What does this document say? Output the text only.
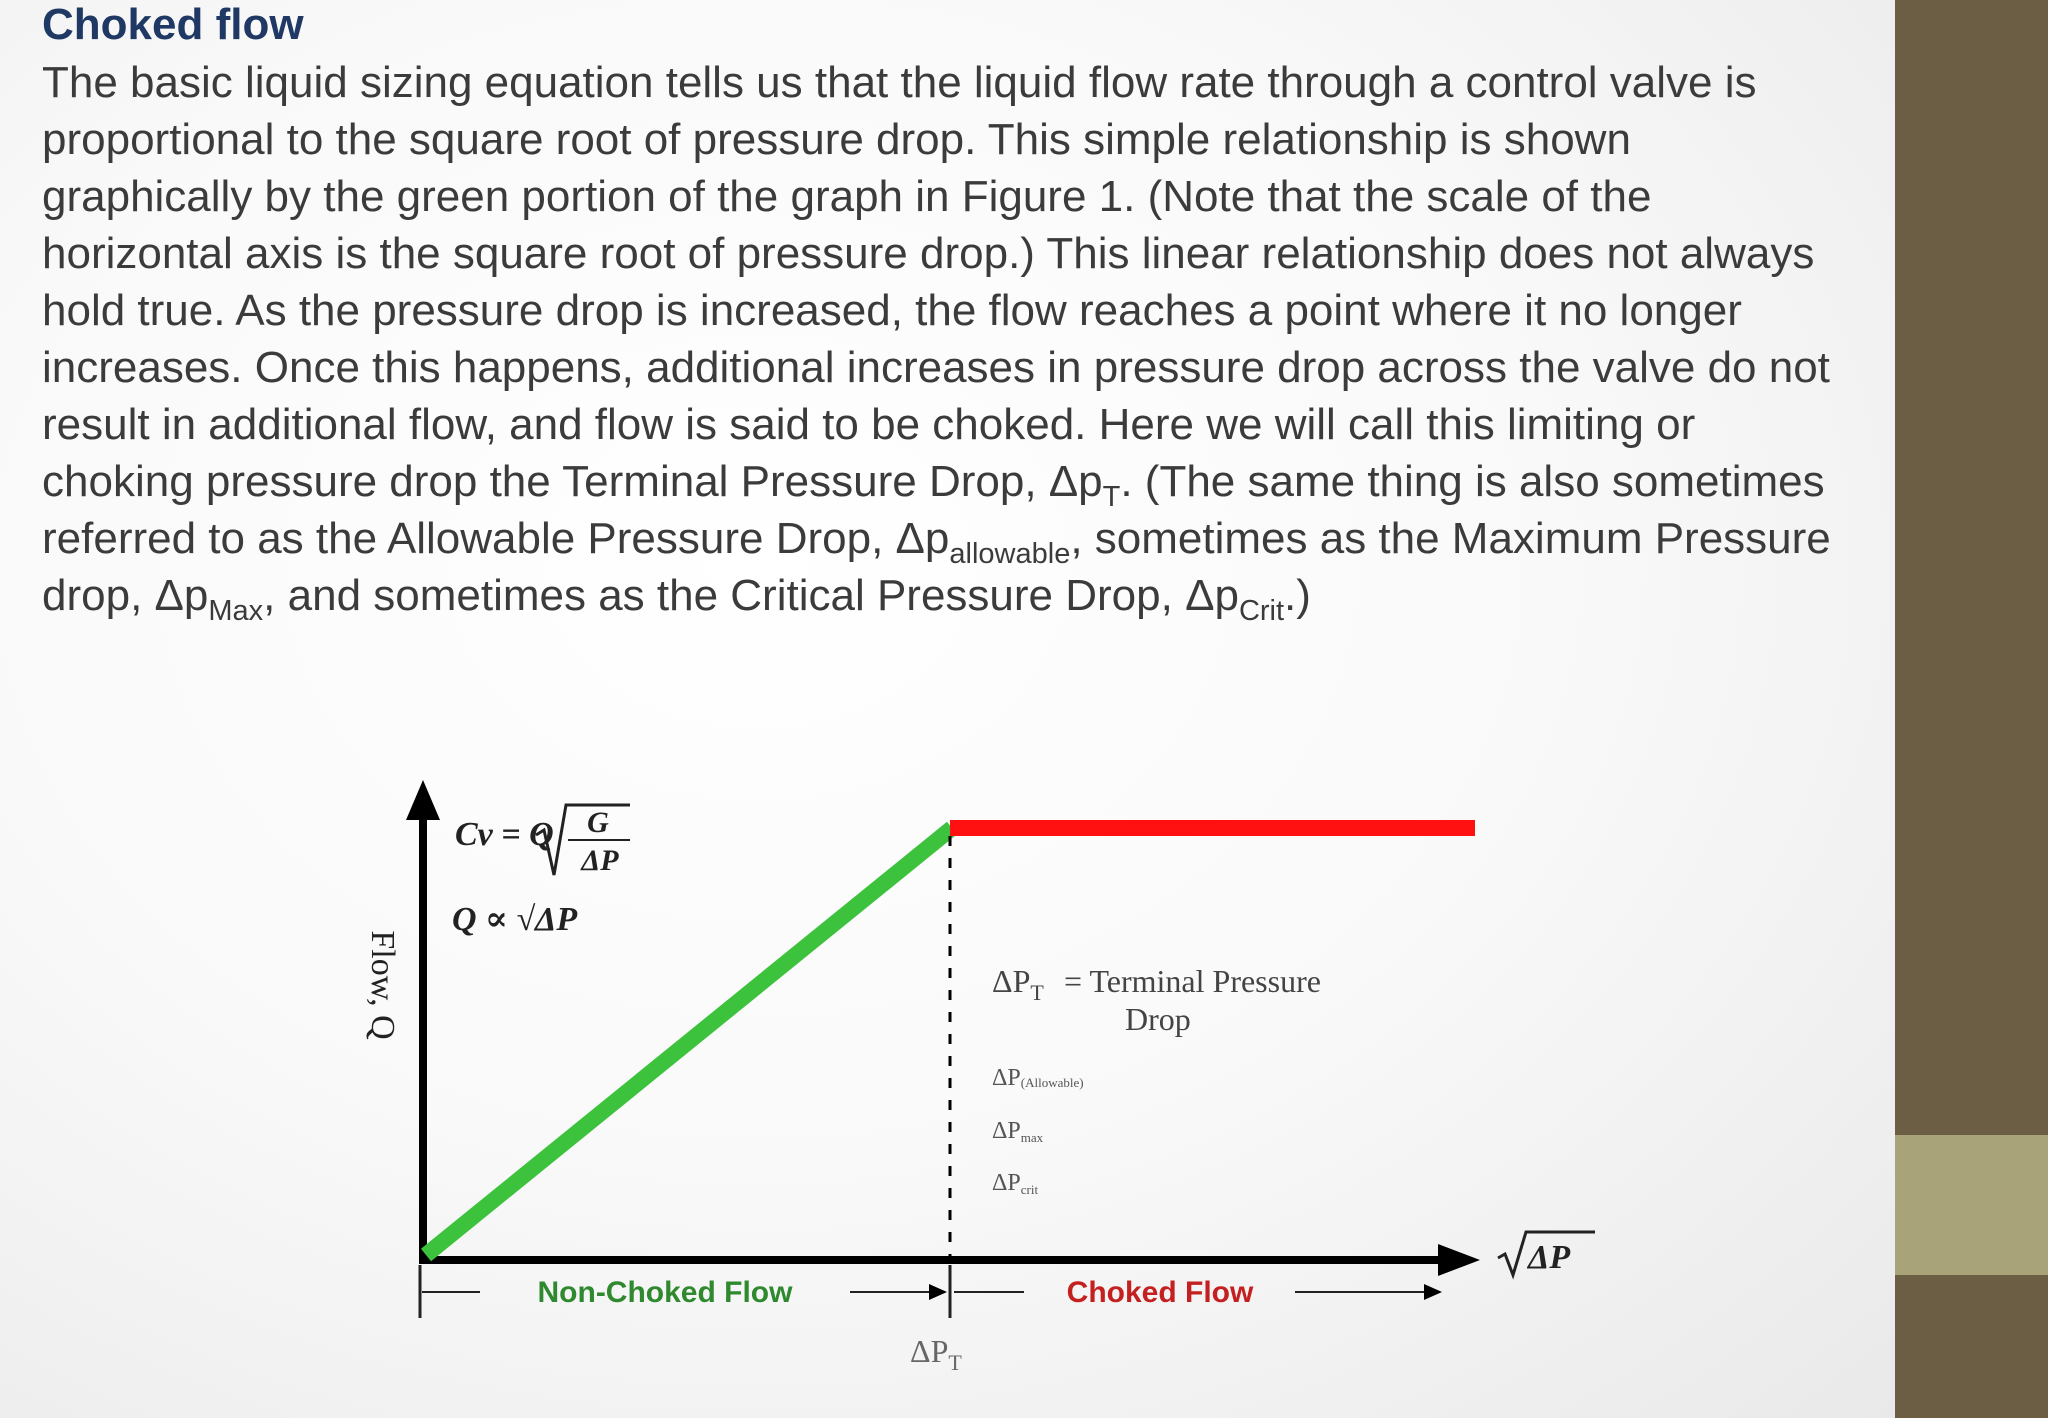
Choked flow

The basic liquid sizing equation tells us that the liquid flow rate through a control valve is proportional to the square root of pressure drop. This simple relationship is shown graphically by the green portion of the graph in Figure 1. (Note that the scale of the horizontal axis is the square root of pressure drop.) This linear relationship does not always hold true. As the pressure drop is increased, the flow reaches a point where it no longer increases. Once this happens, additional increases in pressure drop across the valve do not result in additional flow, and flow is said to be choked. Here we will call this limiting or choking pressure drop the Terminal Pressure Drop, $\Delta p_T$. (The same thing is also sometimes referred to as the Allowable Pressure Drop, $\Delta p_{allowable}$, sometimes as the Maximum Pressure drop, $\Delta p_{Max}$, and sometimes as the Critical Pressure Drop, $\Delta p_{Crit}$.)

Flow, Q
Cv = Q G
ΔP
Q ∝ √ΔP
$\Delta P_T$ = Terminal Pressure
Drop
ΔP(Allowable)
ΔPmax
ΔPcrit
ΔP
Non-Choked Flow	Choked Flow
$\Delta P_T$
